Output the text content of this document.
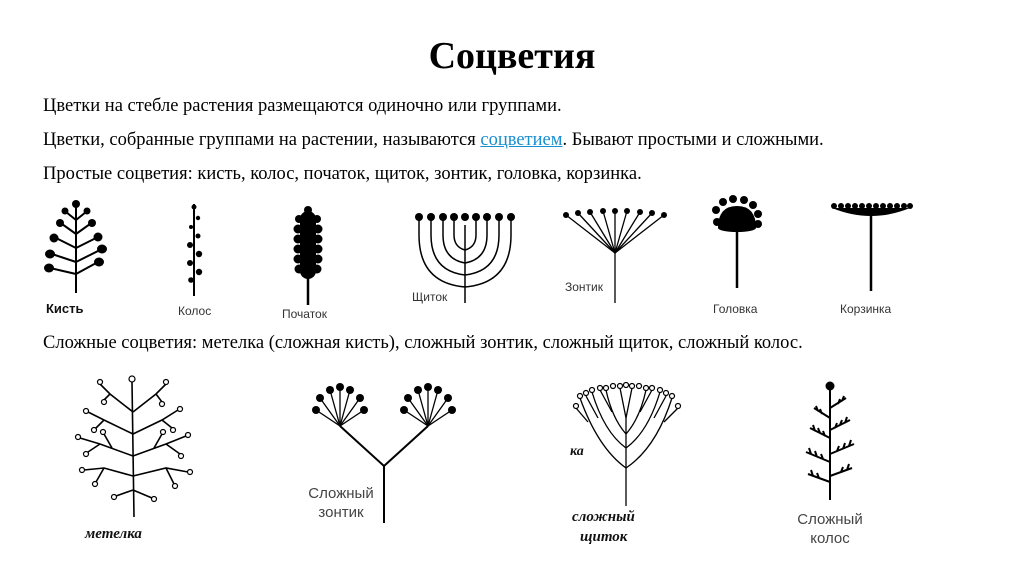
Соцветия
Цветки на стебле растения размещаются одиночно или группами.
Цветки, собранные группами на растении, называются соцветием. Бывают простыми и сложными.
Простые соцветия: кисть, колос, початок, щиток, зонтик, головка, корзинка.
Сложные соцветия: метелка (сложная кисть), сложный зонтик, сложный щиток, сложный колос.
Кисть	Колос	Початок
Щиток
Зонтик
Головка	Корзинка
метелка
Сложный
зонтик
ка
сложный
щиток
Сложный
колос
